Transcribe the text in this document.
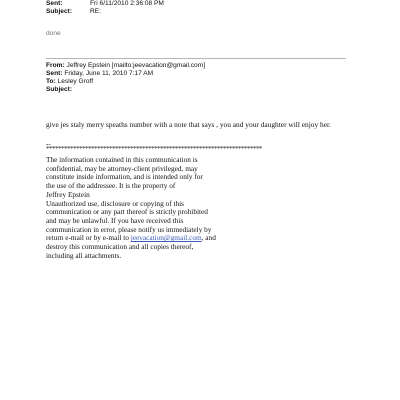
Sent:	Fri 6/11/2010 2:36:08 PM
Subject:	RE:
done
From: Jeffrey Epstein [mailto:jeevacation@gmail.com]
Sent: Friday, June 11, 2010 7:17 AM
To: Lesley Groff
Subject:
give jes staly merry speaths number with a note that says , you and your daughter will enjoy her.
--
************************************************************************
The information contained in this communication is
confidential, may be attorney-client privileged, may
constitute inside information, and is intended only for
the use of the addressee. It is the property of
Jeffrey Epstein
Unauthorized use, disclosure or copying of this
communication or any part thereof is strictly prohibited
and may be unlawful. If you have received this
communication in error, please notify us immediately by
return e-mail or by e-mail to jeevacation@gmail.com, and
destroy this communication and all copies thereof,
including all attachments.
